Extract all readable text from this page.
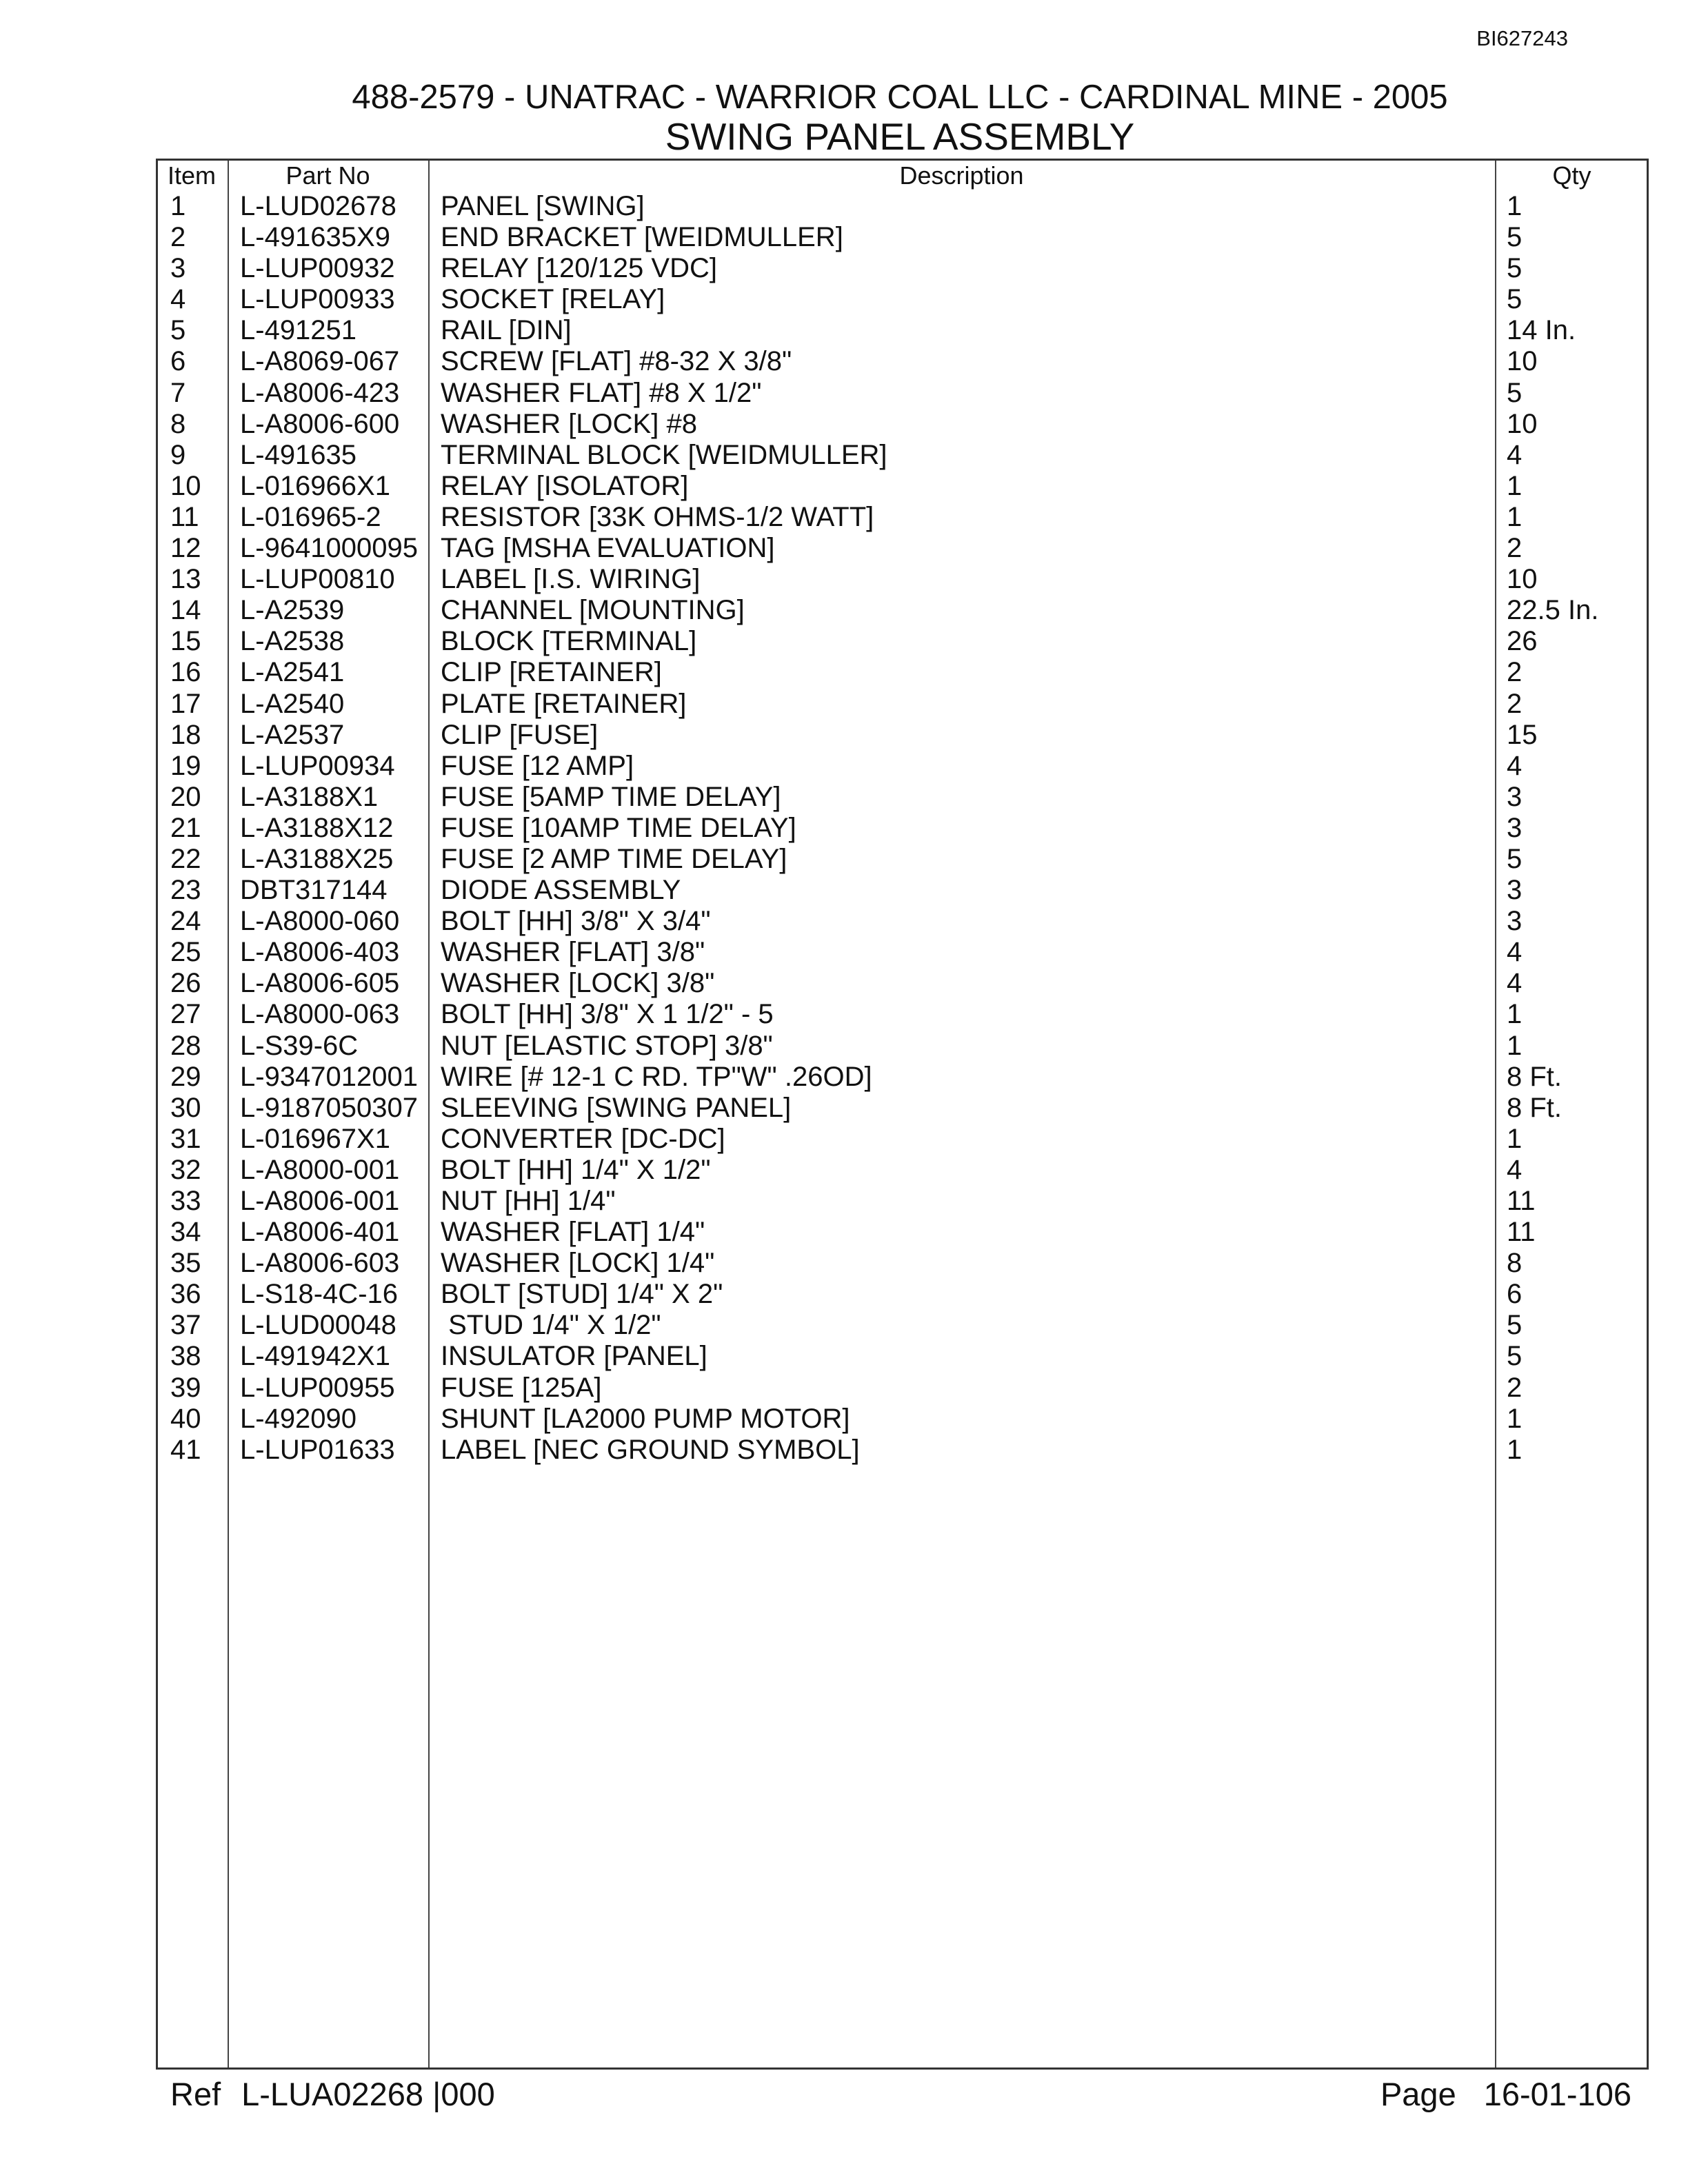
BI627243
488-2579 - UNATRAC - WARRIOR COAL LLC - CARDINAL MINE - 2005
SWING PANEL ASSEMBLY
Item	Part No	Description	Qty
1 L-LUD02678 PANEL [SWING]	1
2 L-491635X9 END BRACKET [WEIDMULLER]	5
3 L-LUP00932 RELAY [120/125 VDC]	5
4 L-LUP00933 SOCKET [RELAY]	5
5 L-491251	RAIL [DIN]	14 In.
6 L-A8069-067 SCREW [FLAT] #8-32 X 3/8"	10
7 L-A8006-423 WASHER FLAT] #8 X 1/2"	5
8 L-A8006-600 WASHER [LOCK] #8	10
9 L-491635	TERMINAL BLOCK [WEIDMULLER]	4
10 L-016966X1 RELAY [ISOLATOR]	1
11 L-016965-2 RESISTOR [33K OHMS-1/2 WATT]	1
12 L-9641000095 TAG [MSHA EVALUATION]	2
13 L-LUP00810 LABEL [I.S. WIRING]	10
14 L-A2539	CHANNEL [MOUNTING]	22.5 In.
15 L-A2538	BLOCK [TERMINAL]	26
16 L-A2541	CLIP [RETAINER]	2
17 L-A2540	PLATE [RETAINER]	2
18 L-A2537	CLIP [FUSE]	15
19 L-LUP00934 FUSE [12 AMP]	4
20 L-A3188X1 FUSE [5AMP TIME DELAY]	3
21 L-A3188X12 FUSE [10AMP TIME DELAY]	3
22 L-A3188X25 FUSE [2 AMP TIME DELAY]	5
23 DBT317144 DIODE ASSEMBLY	3
24 L-A8000-060 BOLT [HH] 3/8" X 3/4"	3
25 L-A8006-403 WASHER [FLAT] 3/8"	4
26 L-A8006-605 WASHER [LOCK] 3/8"	4
27 L-A8000-063 BOLT [HH] 3/8" X 1 1/2" - 5	1
28 L-S39-6C	NUT [ELASTIC STOP] 3/8"	1
29 L-9347012001 WIRE [# 12-1 C RD. TP"W" .26OD]	8 Ft.
30 L-9187050307 SLEEVING [SWING PANEL]	8 Ft.
31 L-016967X1 CONVERTER [DC-DC]	1
32 L-A8000-001 BOLT [HH] 1/4" X 1/2"	4
33 L-A8006-001 NUT [HH] 1/4"	11
34 L-A8006-401 WASHER [FLAT] 1/4"	11
35 L-A8006-603 WASHER [LOCK] 1/4"	8
36 L-S18-4C-16 BOLT [STUD] 1/4" X 2"	6
37 L-LUD00048 STUD 1/4" X 1/2"	5
38 L-491942X1 INSULATOR [PANEL]	5
39 L-LUP00955 FUSE [125A]	2
40 L-492090	SHUNT [LA2000 PUMP MOTOR]	1
41 L-LUP01633 LABEL [NEC GROUND SYMBOL]	1
Ref L-LUA02268 |000	Page 16-01-106
